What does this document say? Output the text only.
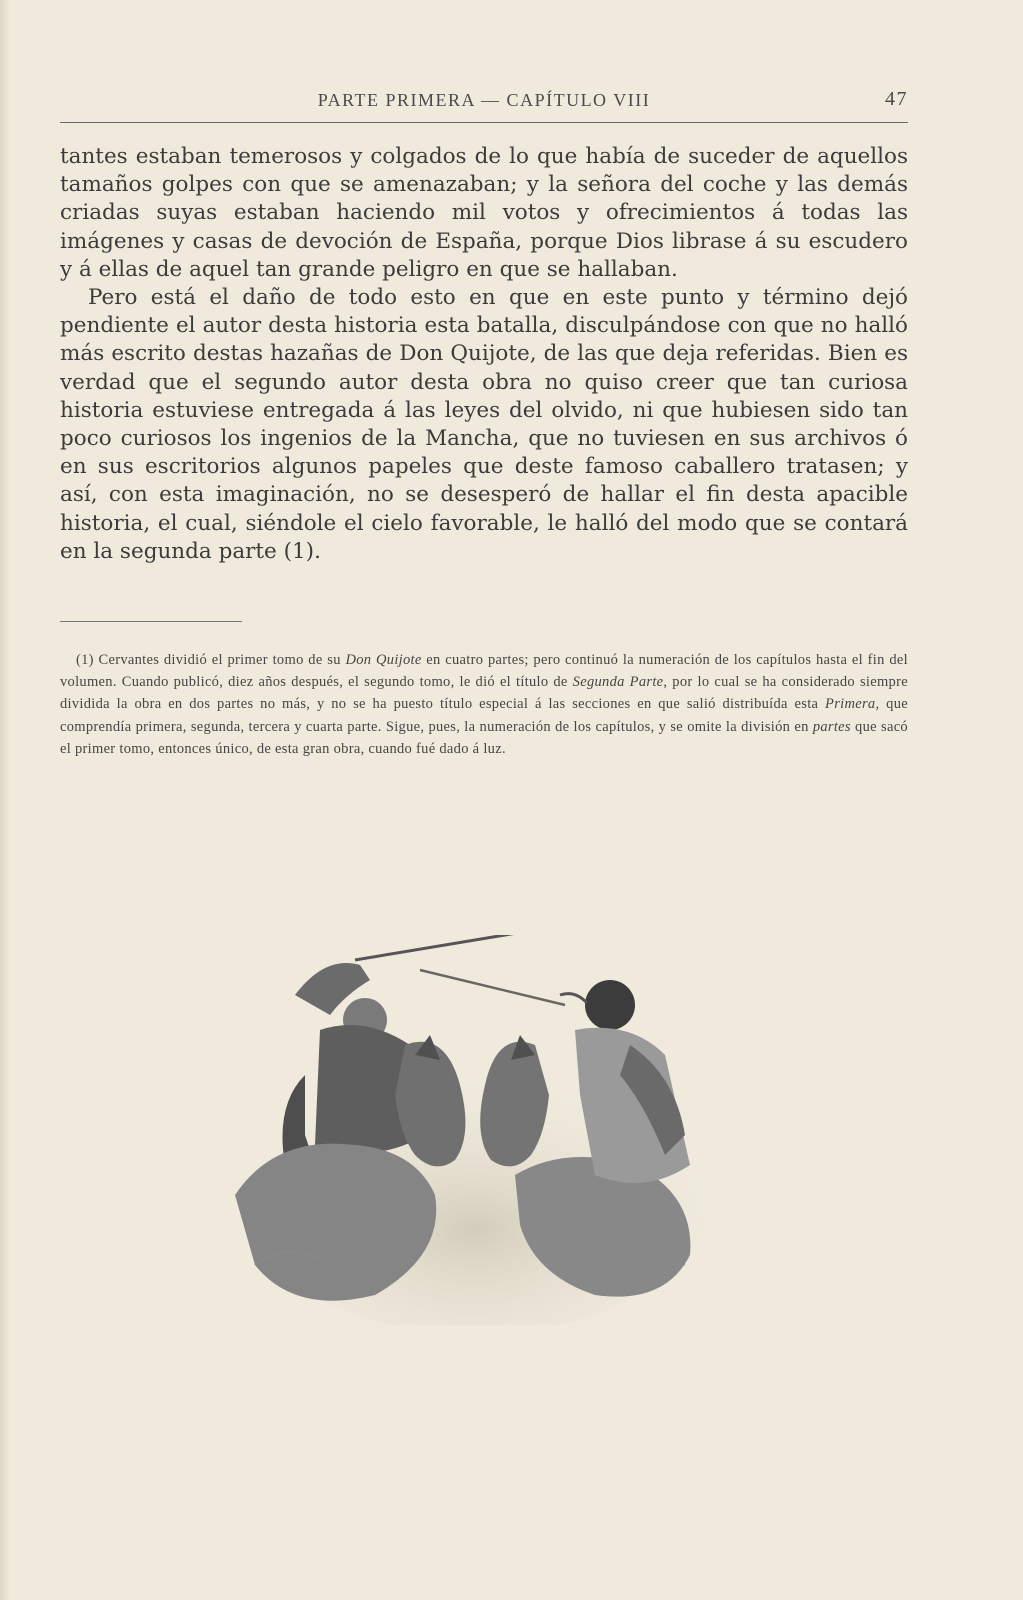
PARTE PRIMERA — CAPÍTULO VIII	47

tantes estaban temerosos y colgados de lo que había de suceder de aquellos tamaños golpes con que se amenazaban; y la señora del coche y las demás criadas suyas estaban haciendo mil votos y ofrecimientos á todas las imágenes y casas de devoción de España, porque Dios librase á su escudero y á ellas de aquel tan grande peligro en que se hallaban.

Pero está el daño de todo esto en que en este punto y término dejó pendiente el autor desta historia esta batalla, disculpándose con que no halló más escrito destas hazañas de Don Quijote, de las que deja referidas. Bien es verdad que el segundo autor desta obra no quiso creer que tan curiosa historia estuviese entregada á las leyes del olvido, ni que hubiesen sido tan poco curiosos los ingenios de la Mancha, que no tuviesen en sus archivos ó en sus escritorios algunos papeles que deste famoso caballero tratasen; y así, con esta imaginación, no se desesperó de hallar el fin desta apacible historia, el cual, siéndole el cielo favorable, le halló del modo que se contará en la segunda parte (1).

(1) Cervantes dividió el primer tomo de su Don Quijote en cuatro partes; pero continuó la numeración de los capítulos hasta el fin del volumen. Cuando publicó, diez años después, el segundo tomo, le dió el título de Segunda Parte, por lo cual se ha considerado siempre dividida la obra en dos partes no más, y no se ha puesto título especial á las secciones en que salió distribuída esta Primera, que comprendía primera, segunda, tercera y cuarta parte. Sigue, pues, la numeración de los capítulos, y se omite la división en partes que sacó el primer tomo, entonces único, de esta gran obra, cuando fué dado á luz.
